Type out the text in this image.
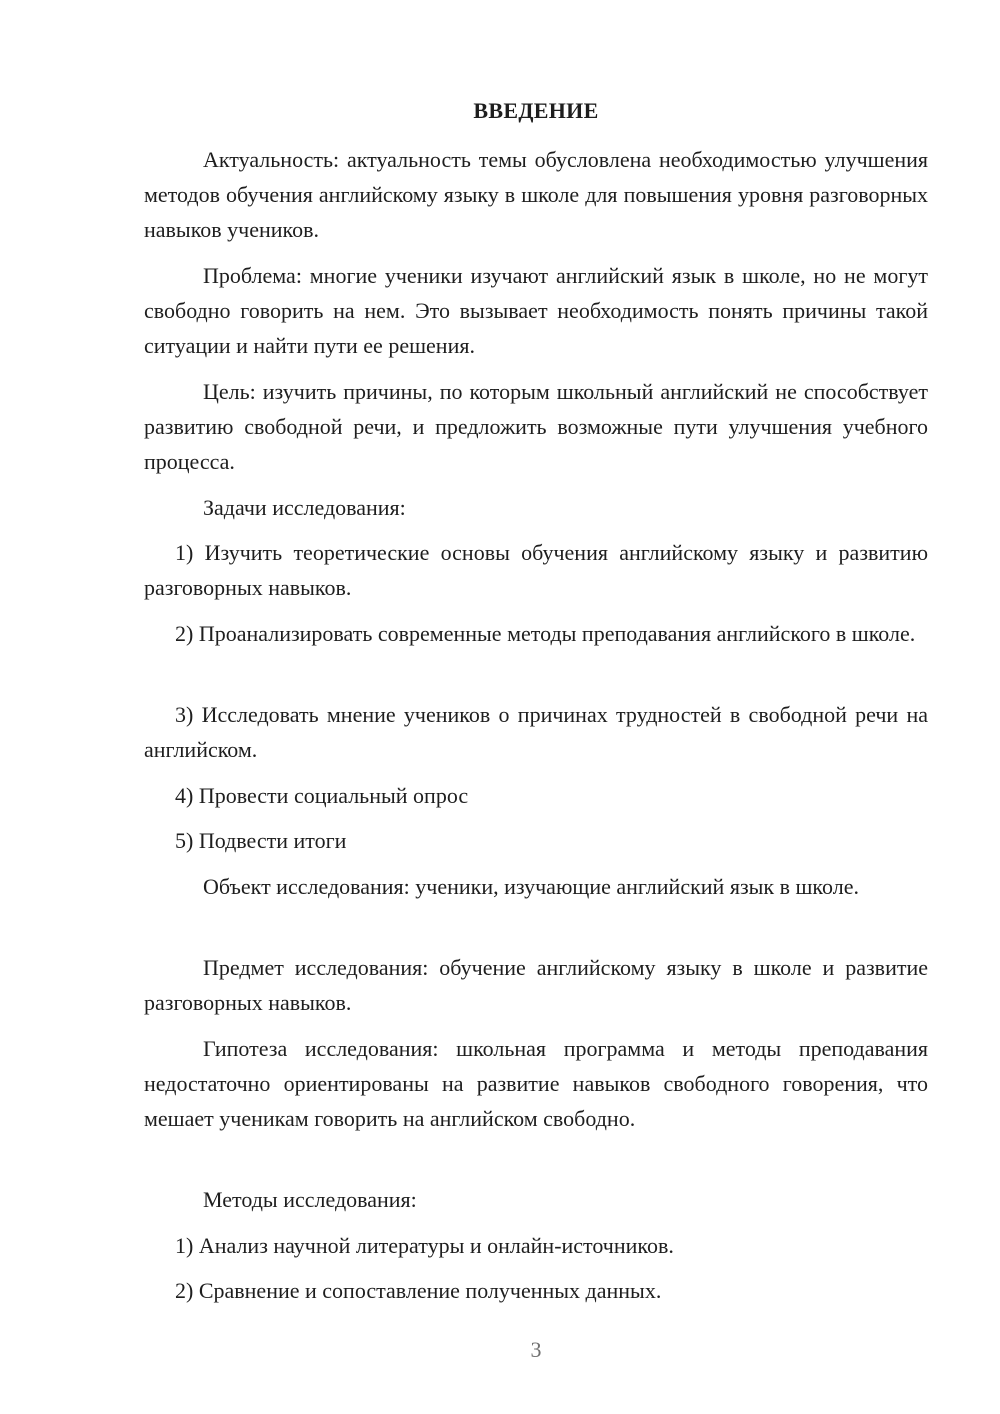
ВВЕДЕНИЕ

Актуальность: актуальность темы обусловлена необходимостью улучшения методов обучения английскому языку в школе для повышения уровня разговорных навыков учеников.

Проблема: многие ученики изучают английский язык в школе, но не могут свободно говорить на нем. Это вызывает необходимость понять причины такой ситуации и найти пути ее решения.

Цель: изучить причины, по которым школьный английский не способствует развитию свободной речи, и предложить возможные пути улучшения учебного процесса.

Задачи исследования:

1) Изучить теоретические основы обучения английскому языку и развитию разговорных навыков.

2) Проанализировать современные методы преподавания английского в школе.

3) Исследовать мнение учеников о причинах трудностей в свободной речи на английском.

4) Провести социальный опрос

5) Подвести итоги

Объект исследования: ученики, изучающие английский язык в школе.

Предмет исследования: обучение английскому языку в школе и развитие разговорных навыков.

Гипотеза исследования: школьная программа и методы преподавания недостаточно ориентированы на развитие навыков свободного говорения, что мешает ученикам говорить на английском свободно.

Методы исследования:

1) Анализ научной литературы и онлайн-источников.

2) Сравнение и сопоставление полученных данных.

3
